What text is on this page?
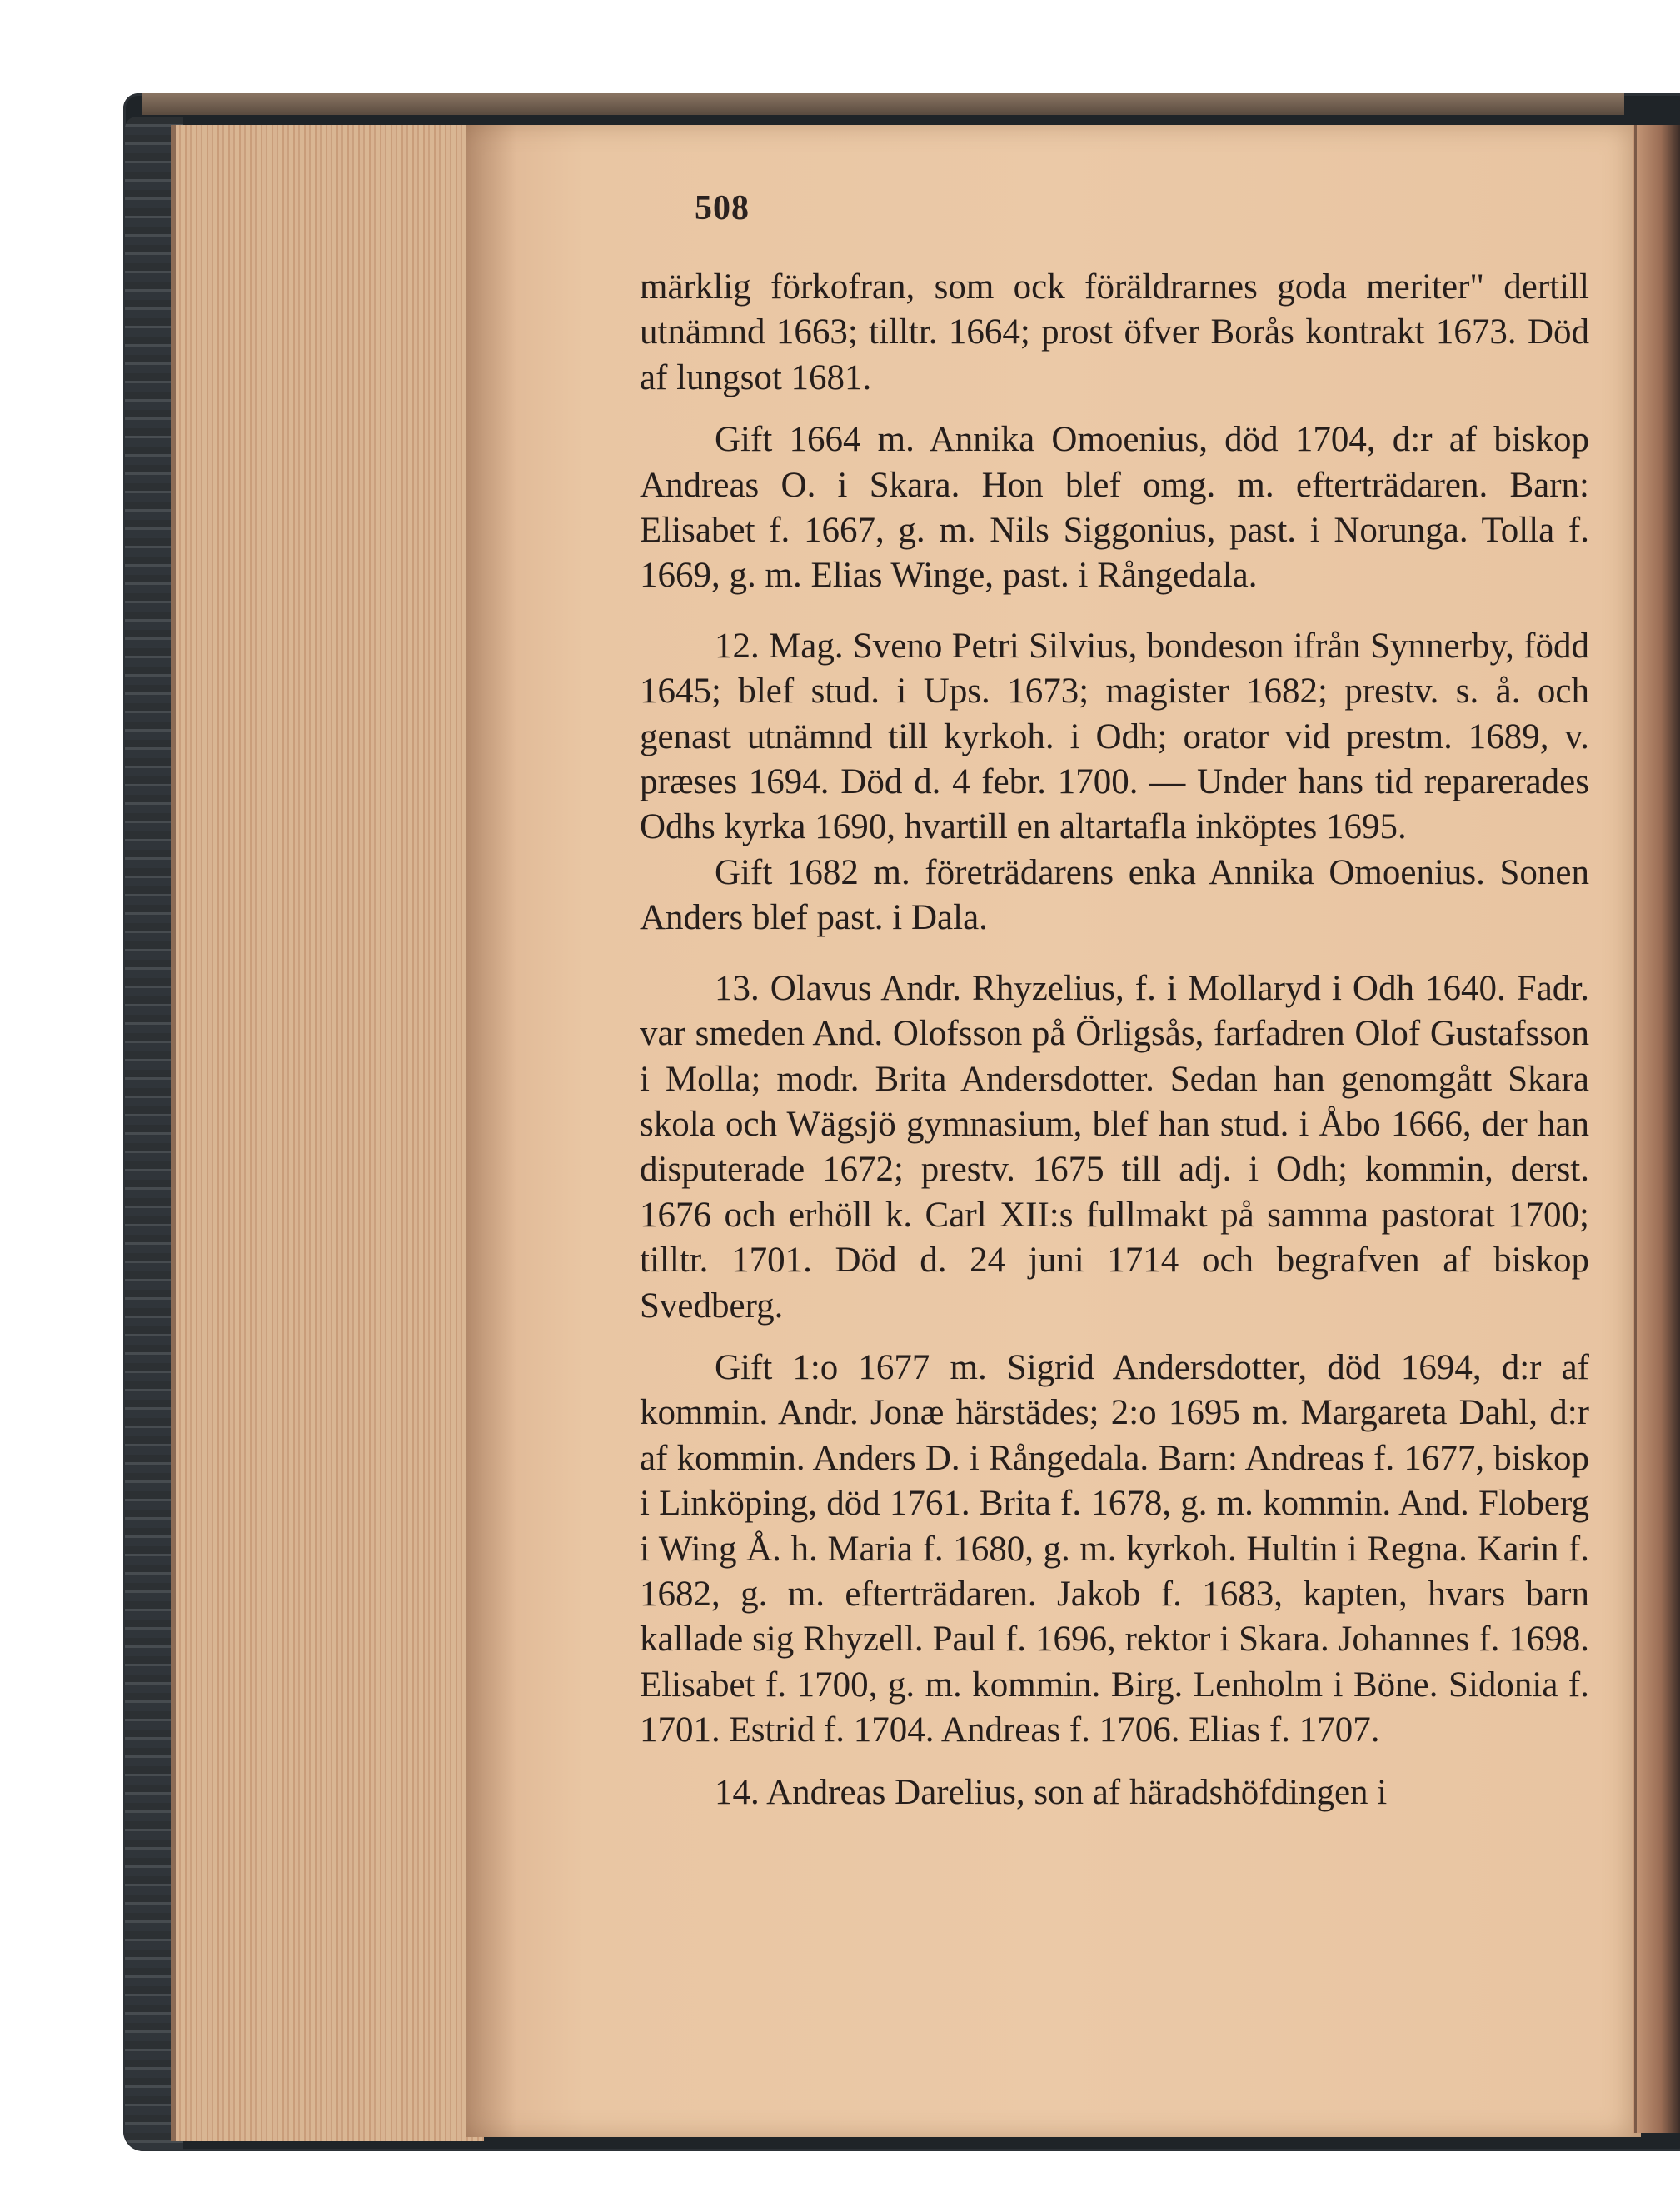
508

märklig förkofran, som ock föräldrarnes goda meriter" dertill utnämnd 1663; tilltr. 1664; prost öfver Borås kontrakt 1673. Död af lungsot 1681.

Gift 1664 m. Annika Omoenius, död 1704, d:r af biskop Andreas O. i Skara. Hon blef omg. m. efterträdaren. Barn: Elisabet f. 1667, g. m. Nils Siggonius, past. i Norunga. Tolla f. 1669, g. m. Elias Winge, past. i Rångedala.

12. Mag. Sveno Petri Silvius, bondeson ifrån Synnerby, född 1645; blef stud. i Ups. 1673; magister 1682; prestv. s. å. och genast utnämnd till kyrkoh. i Odh; orator vid prestm. 1689, v. præses 1694. Död d. 4 febr. 1700. — Under hans tid reparerades Odhs kyrka 1690, hvartill en altartafla inköptes 1695.

Gift 1682 m. företrädarens enka Annika Omoenius. Sonen Anders blef past. i Dala.

13. Olavus Andr. Rhyzelius, f. i Mollaryd i Odh 1640. Fadr. var smeden And. Olofsson på Örligsås, farfadren Olof Gustafsson i Molla; modr. Brita Andersdotter. Sedan han genomgått Skara skola och Wägsjö gymnasium, blef han stud. i Åbo 1666, der han disputerade 1672; prestv. 1675 till adj. i Odh; kommin, derst. 1676 och erhöll k. Carl XII:s fullmakt på samma pastorat 1700; tilltr. 1701. Död d. 24 juni 1714 och begrafven af biskop Svedberg.

Gift 1:o 1677 m. Sigrid Andersdotter, död 1694, d:r af kommin. Andr. Jonæ härstädes; 2:o 1695 m. Margareta Dahl, d:r af kommin. Anders D. i Rångedala. Barn: Andreas f. 1677, biskop i Linköping, död 1761. Brita f. 1678, g. m. kommin. And. Floberg i Wing Å. h. Maria f. 1680, g. m. kyrkoh. Hultin i Regna. Karin f. 1682, g. m. efterträdaren. Jakob f. 1683, kapten, hvars barn kallade sig Rhyzell. Paul f. 1696, rektor i Skara. Johannes f. 1698. Elisabet f. 1700, g. m. kommin. Birg. Lenholm i Böne. Sidonia f. 1701. Estrid f. 1704. Andreas f. 1706. Elias f. 1707.

14. Andreas Darelius, son af häradshöfdingen i
